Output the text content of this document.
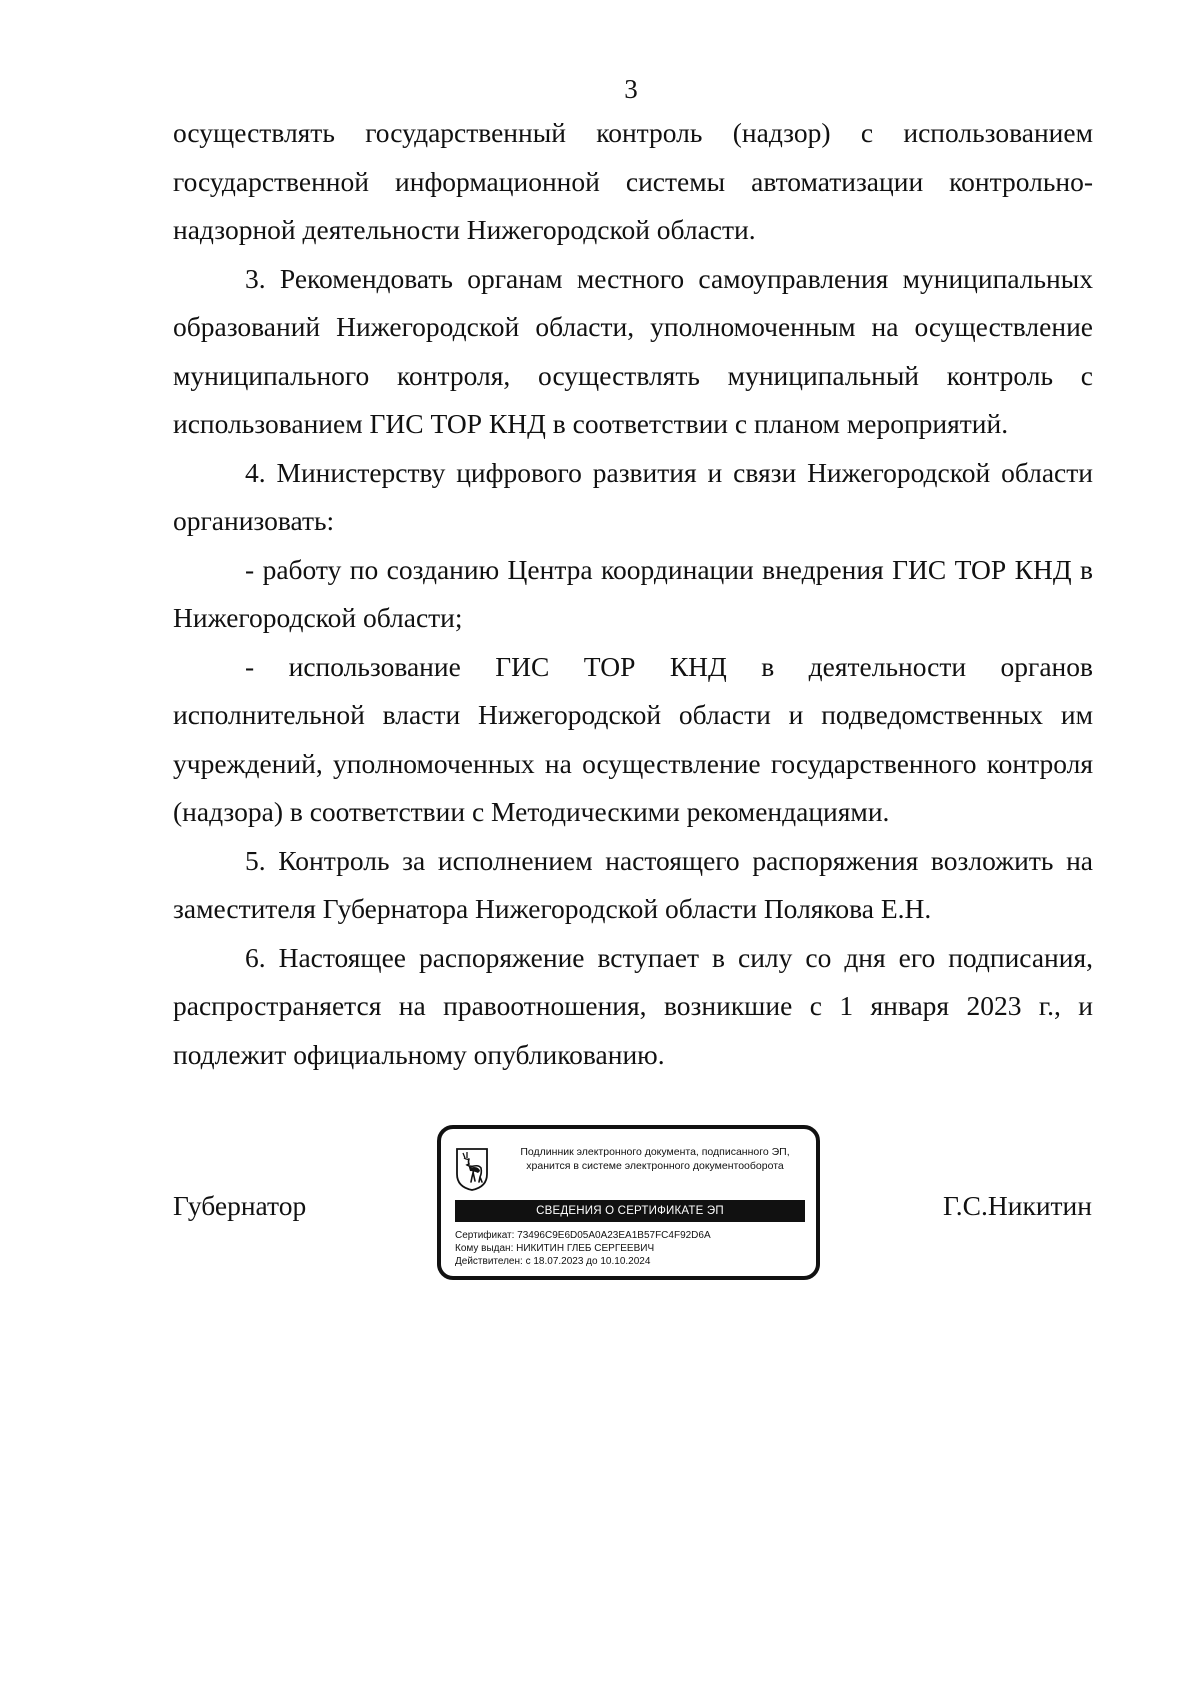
3

осуществлять государственный контроль (надзор) с использованием государственной информационной системы автоматизации контрольно-надзорной деятельности Нижегородской области.

3. Рекомендовать органам местного самоуправления муниципальных образований Нижегородской области, уполномоченным на осуществление муниципального контроля, осуществлять муниципальный контроль с использованием ГИС ТОР КНД в соответствии с планом мероприятий.

4. Министерству цифрового развития и связи Нижегородской области организовать:

- работу по созданию Центра координации внедрения ГИС ТОР КНД в Нижегородской области;

- использование ГИС ТОР КНД в деятельности органов исполнительной власти Нижегородской области и подведомственных им учреждений, уполномоченных на осуществление государственного контроля (надзора) в соответствии с Методическими рекомендациями.

5. Контроль за исполнением настоящего распоряжения возложить на заместителя Губернатора Нижегородской области Полякова Е.Н.

6. Настоящее распоряжение вступает в силу со дня его подписания, распространяется на правоотношения, возникшие с 1 января 2023 г., и подлежит официальному опубликованию.

Губернатор
Подлинник электронного документа, подписанного ЭП,
хранится в системе электронного документооборота
СВЕДЕНИЯ О СЕРТИФИКАТЕ ЭП
Сертификат: 73496C9E6D05A0A23EA1B57FC4F92D6A
Кому выдан: НИКИТИН ГЛЕБ СЕРГЕЕВИЧ
Действителен: с 18.07.2023 до 10.10.2024
Г.С.Никитин
